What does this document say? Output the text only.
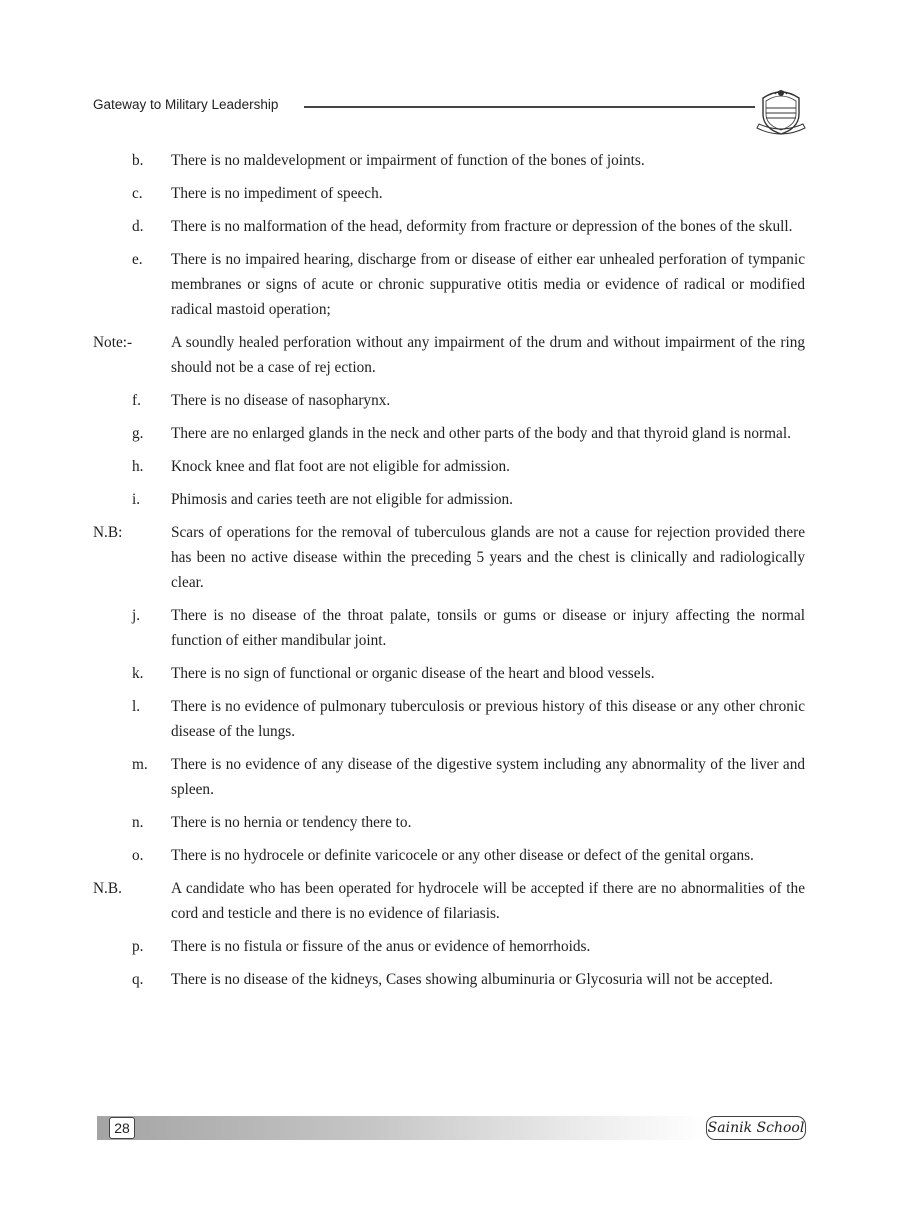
Gateway to Military Leadership
b.	There is no maldevelopment or impairment of function of the bones of joints.
c.	There is no impediment of speech.
d.	There is no malformation of the head, deformity from fracture or depression of the bones of the skull.
e.	There is no impaired hearing, discharge from or disease of either ear unhealed perforation of tympanic membranes or signs of acute or chronic suppurative otitis media or evidence of radical or modified radical mastoid operation;
Note:-	A soundly healed perforation without any impairment of the drum and without impairment of the ring should not be a case of rej ection.
f.	There is no disease of nasopharynx.
g.	There are no enlarged glands in the neck and other parts of the body and that thyroid gland is normal.
h.	Knock knee and flat foot are not eligible for admission.
i.	Phimosis and caries teeth are not eligible for admission.
N.B:	Scars of operations for the removal of tuberculous glands are not a cause for rejection provided there has been no active disease within the preceding 5 years and the chest is clinically and radiologically clear.
j.	There is no disease of the throat palate, tonsils or gums or disease or injury affecting the normal function of either mandibular joint.
k.	There is no sign of functional or organic disease of the heart and blood vessels.
l.	There is no evidence of pulmonary tuberculosis or previous history of this disease or any other chronic disease of the lungs.
m.	There is no evidence of any disease of the digestive system including any abnormality of the liver and spleen.
n.	There is no hernia or tendency there to.
o.	There is no hydrocele or definite varicocele or any other disease or defect of the genital organs.
N.B.	A candidate who has been operated for hydrocele will be accepted if there are no abnormalities of the cord and testicle and there is no evidence of filariasis.
p.	There is no fistula or fissure of the anus or evidence of hemorrhoids.
q.	There is no disease of the kidneys, Cases showing albuminuria or Glycosuria will not be accepted.
28	Sainik School
